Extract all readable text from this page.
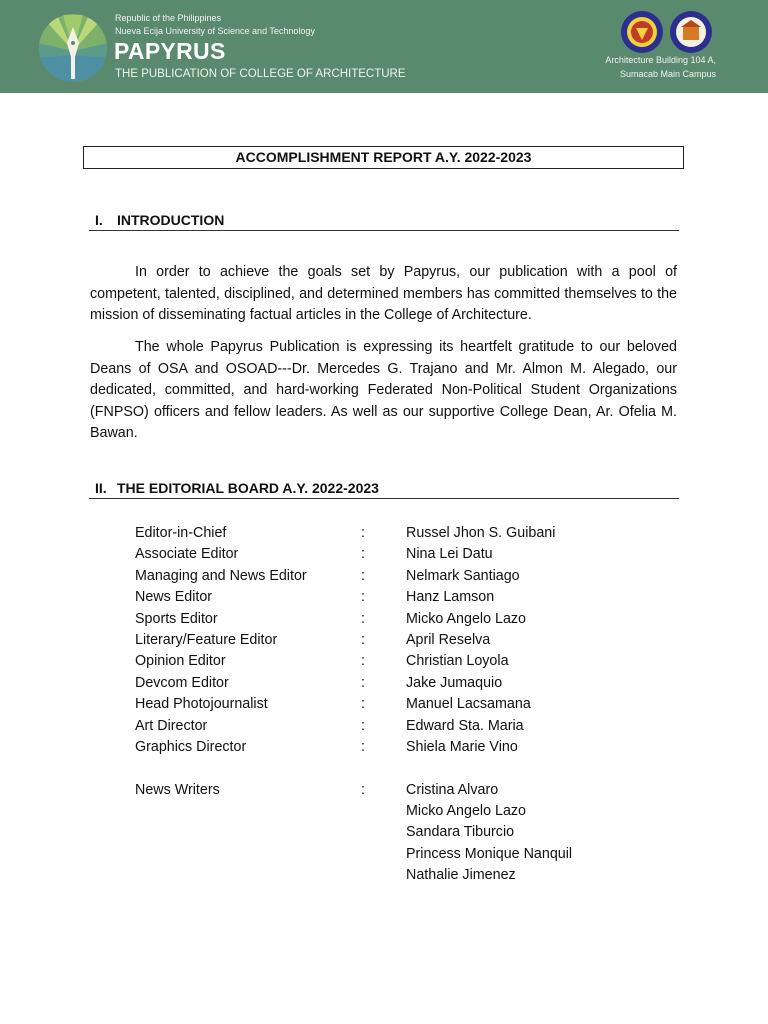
Republic of the Philippines
Nueva Ecija University of Science and Technology
PAPYRUS
THE PUBLICATION OF COLLEGE OF ARCHITECTURE
Architecture Building 104 A,
Sumacab Main Campus
ACCOMPLISHMENT REPORT A.Y. 2022-2023
I. INTRODUCTION
In order to achieve the goals set by Papyrus, our publication with a pool of competent, talented, disciplined, and determined members has committed themselves to the mission of disseminating factual articles in the College of Architecture.
The whole Papyrus Publication is expressing its heartfelt gratitude to our beloved Deans of OSA and OSOAD---Dr. Mercedes G. Trajano and Mr. Almon M. Alegado, our dedicated, committed, and hard-working Federated Non-Political Student Organizations (FNPSO) officers and fellow leaders. As well as our supportive College Dean, Ar. Ofelia M. Bawan.
II. THE EDITORIAL BOARD A.Y. 2022-2023
Editor-in-Chief	:	Russel Jhon S. Guibani
Associate Editor	:	Nina Lei Datu
Managing and News Editor	:	Nelmark Santiago
News Editor	:	Hanz Lamson
Sports Editor	:	Micko Angelo Lazo
Literary/Feature Editor	:	April Reselva
Opinion Editor	:	Christian Loyola
Devcom Editor	:	Jake Jumaquio
Head Photojournalist	:	Manuel Lacsamana
Art Director	:	Edward Sta. Maria
Graphics Director	:	Shiela Marie Vino
News Writers	:	Cristina Alvaro
Micko Angelo Lazo
Sandara Tiburcio
Princess Monique Nanquil
Nathalie Jimenez
